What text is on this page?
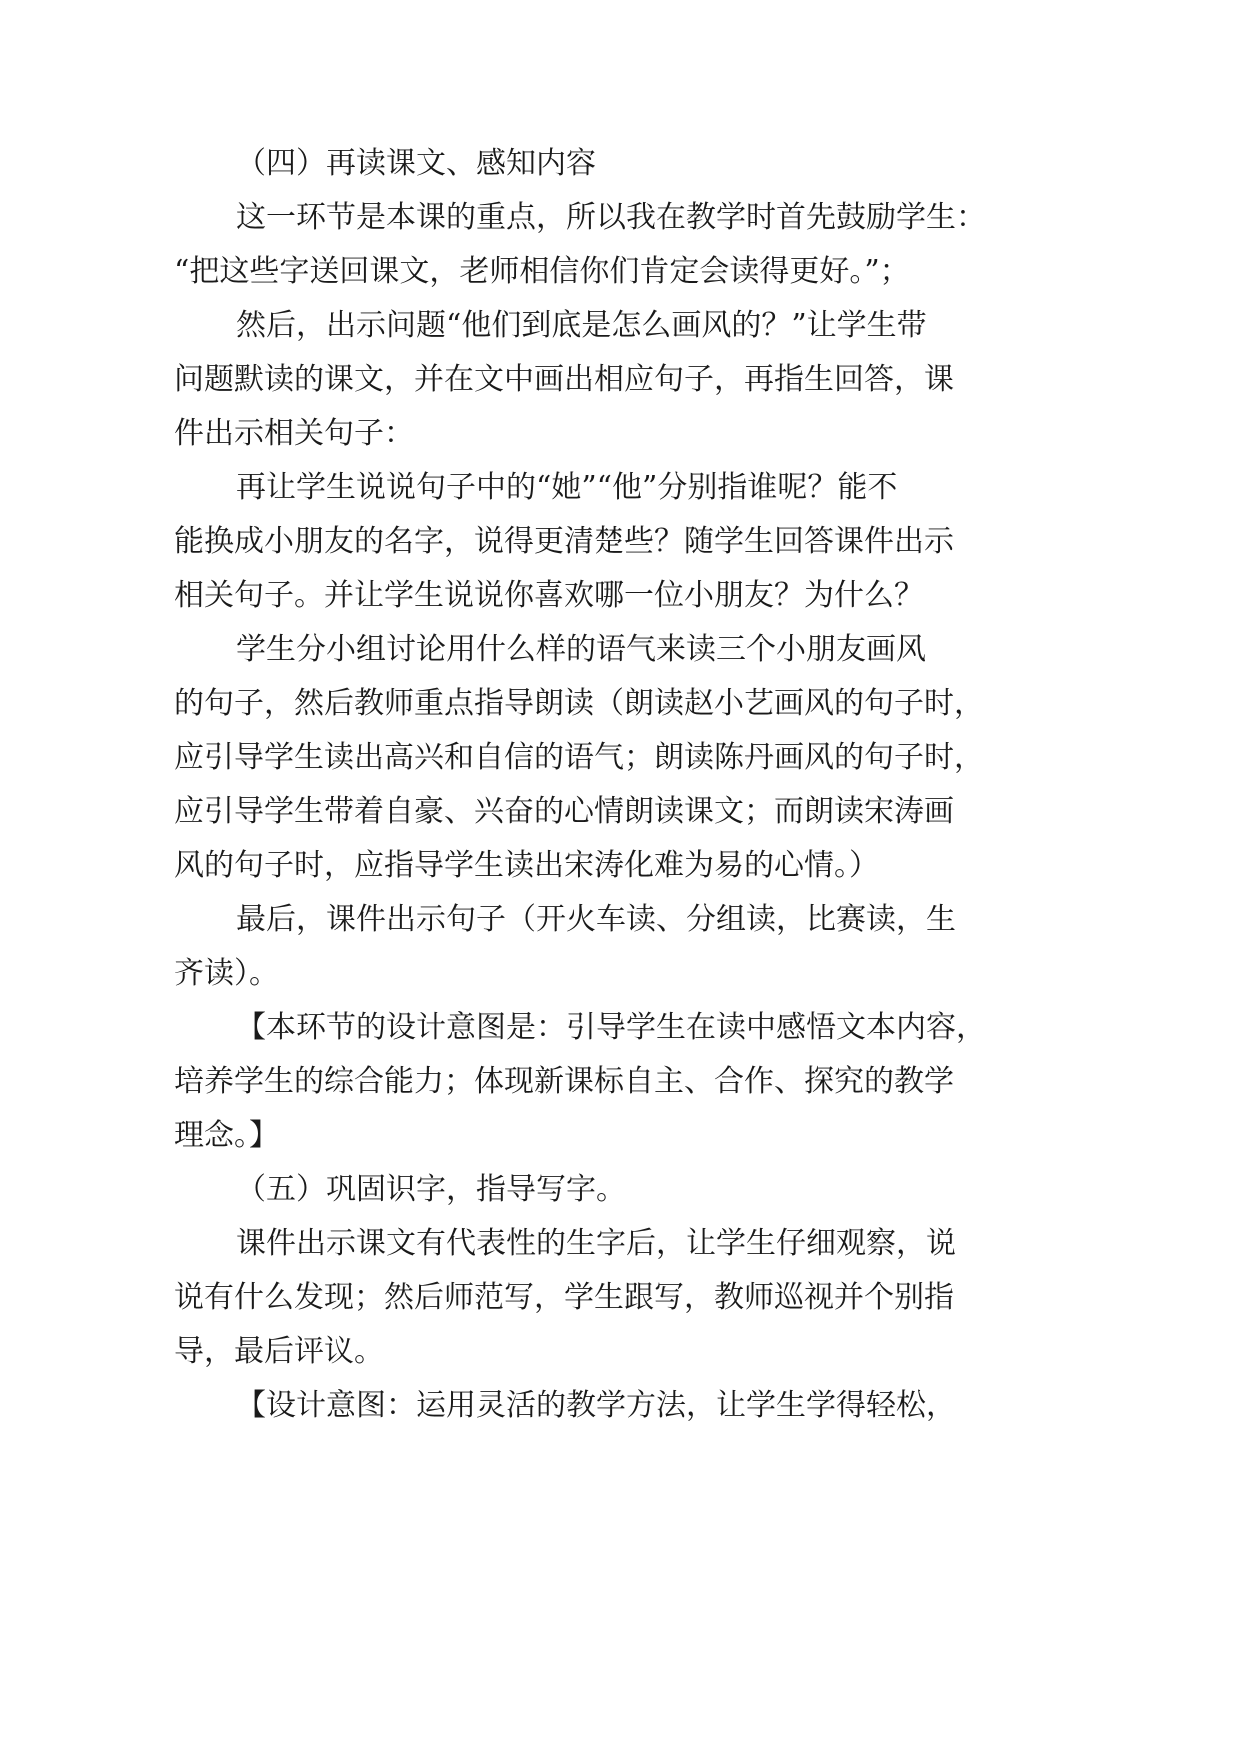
（四）再读课文、感知内容
这一环节是本课的重点，所以我在教学时首先鼓励学生：
“把这些字送回课文，老师相信你们肯定会读得更好。”；
然后，出示问题“他们到底是怎么画风的？”让学生带
问题默读的课文，并在文中画出相应句子，再指生回答，课
件出示相关句子：
再让学生说说句子中的“她”“他”分别指谁呢？能不
能换成小朋友的名字，说得更清楚些？随学生回答课件出示
相关句子。并让学生说说你喜欢哪一位小朋友？为什么？
学生分小组讨论用什么样的语气来读三个小朋友画风
的句子，然后教师重点指导朗读（朗读赵小艺画风的句子时，
应引导学生读出高兴和自信的语气；朗读陈丹画风的句子时，
应引导学生带着自豪、兴奋的心情朗读课文；而朗读宋涛画
风的句子时，应指导学生读出宋涛化难为易的心情。）
最后，课件出示句子（开火车读、分组读，比赛读，生
齐读）。
【本环节的设计意图是：引导学生在读中感悟文本内容，
培养学生的综合能力；体现新课标自主、合作、探究的教学
理念。】
（五）巩固识字，指导写字。
课件出示课文有代表性的生字后，让学生仔细观察，说
说有什么发现；然后师范写，学生跟写，教师巡视并个别指
导，最后评议。
【设计意图：运用灵活的教学方法，让学生学得轻松，
